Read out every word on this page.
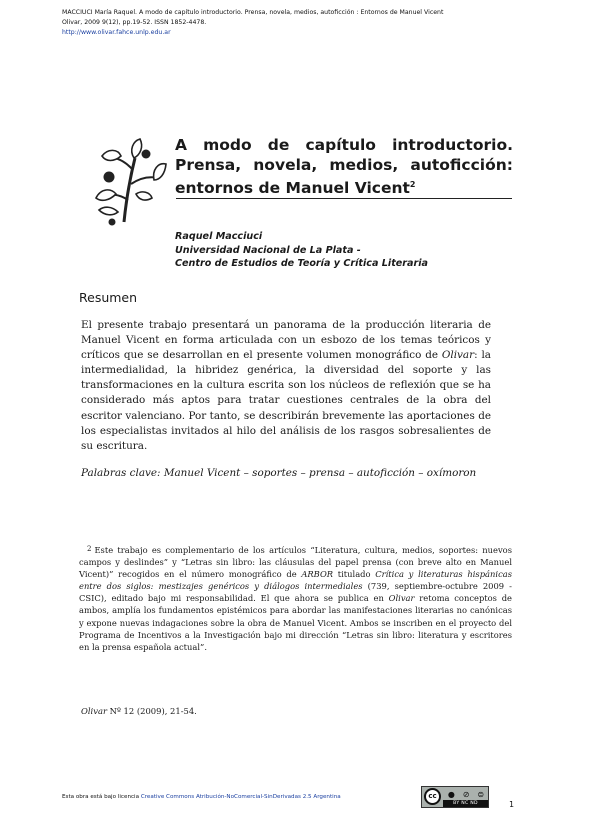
MACCIUCI María Raquel. A modo de capítulo introductorio. Prensa, novela, medios, autoficción : Entornos de Manuel Vicent
Olivar, 2009 9(12), pp.19-52. ISSN 1852-4478.
http://www.olivar.fahce.unlp.edu.ar
A modo de capítulo introductorio. Prensa, novela, medios, autoficción: entornos de Manuel Vicent$^2$
Raquel Macciuci
Universidad Nacional de La Plata -
Centro de Estudios de Teoría y Crítica Literaria
Resumen

El presente trabajo presentará un panorama de la producción literaria de Manuel Vicent en forma articulada con un esbozo de los temas teóricos y críticos que se desarrollan en el presente volumen monográfico de Olivar: la intermedialidad, la hibridez genérica, la diversidad del soporte y las transformaciones en la cultura escrita son los núcleos de reflexión que se ha considerado más aptos para tratar cuestiones centrales de la obra del escritor valenciano. Por tanto, se describirán brevemente las aportaciones de los especialistas invitados al hilo del análisis de los rasgos sobresalientes de su escritura.

Palabras clave: Manuel Vicent – soportes – prensa – autoficción – oxímoron

$^2$ Este trabajo es complementario de los artículos “Literatura, cultura, medios, soportes: nuevos campos y deslindes” y “Letras sin libro: las cláusulas del papel prensa (con breve alto en Manuel Vicent)” recogidos en el número monográfico de ARBOR titulado Crítica y literaturas hispánicas entre dos siglos: mestizajes genéricos y diálogos intermediales (739, septiembre-octubre 2009 -CSIC), editado bajo mi responsabilidad. El que ahora se publica en Olivar retoma conceptos de ambos, amplía los fundamentos epistémicos para abordar las manifestaciones literarias no canónicas y expone nuevas indagaciones sobre la obra de Manuel Vicent. Ambos se inscriben en el proyecto del Programa de Incentivos a la Investigación bajo mi dirección “Letras sin libro: literatura y escritores en la prensa española actual”.

Olivar Nº 12 (2009), 21-54.
Esta obra está bajo licencia Creative Commons Atribución-NoComercial-SinDerivadas 2.5 Argentina	cc	● ⊘ ⊜
BY NC ND	1
